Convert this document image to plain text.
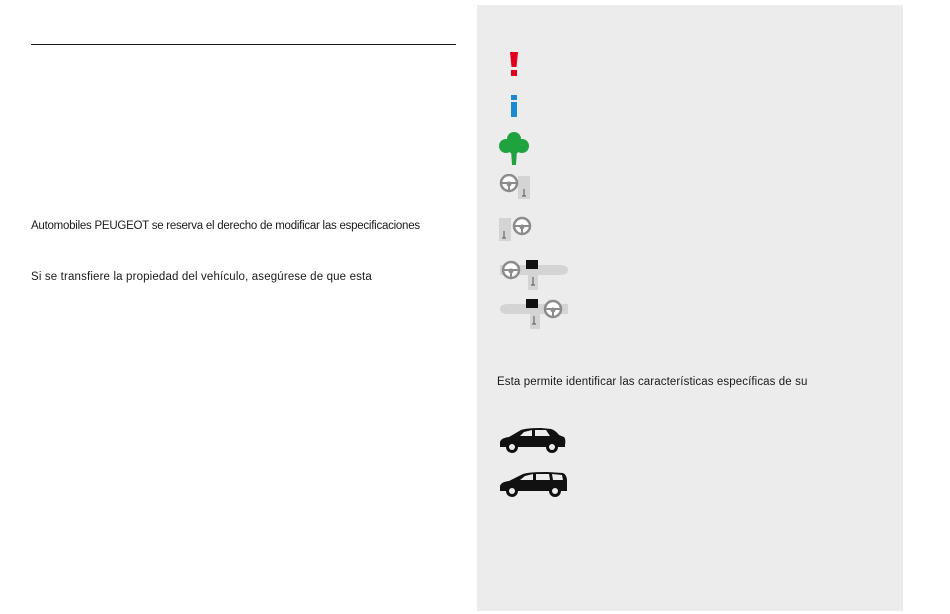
Automobiles PEUGEOT se reserva el derecho de modificar las especificaciones
Si se transfiere la propiedad del vehículo, asegúrese de que esta
Esta permite identificar las características específicas de su
